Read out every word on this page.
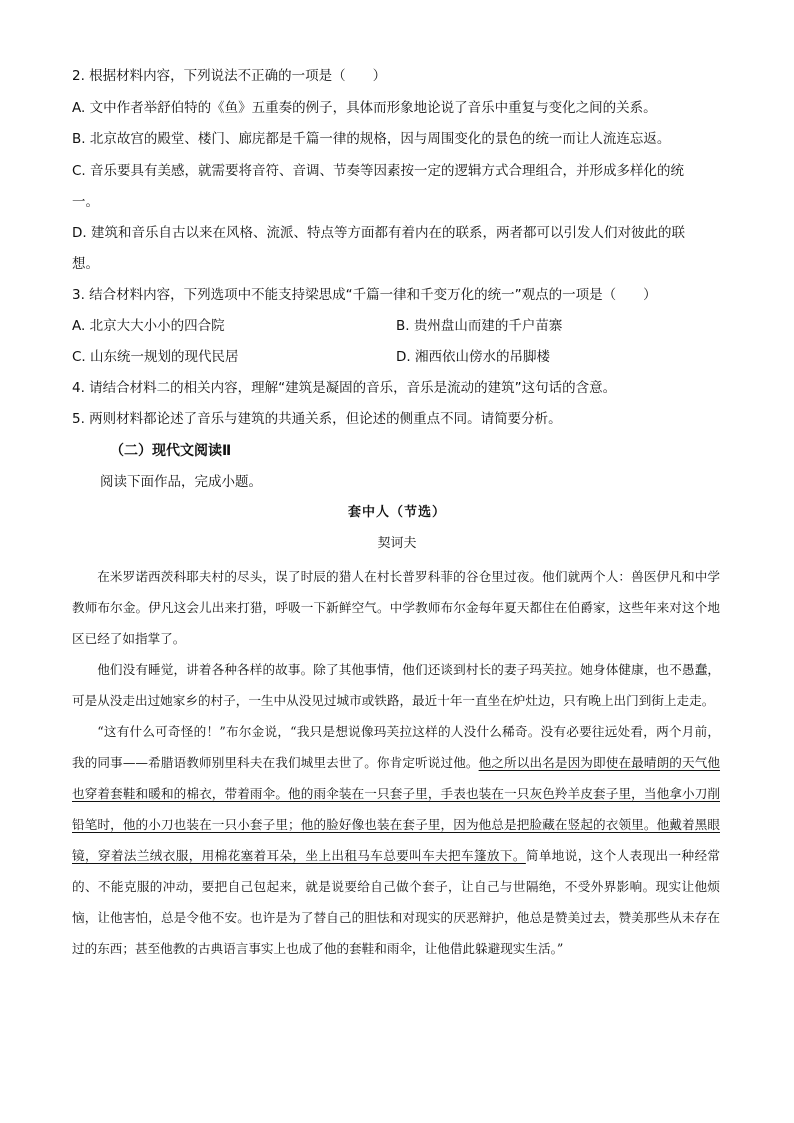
2. 根据材料内容，下列说法不正确的一项是（　　）
A. 文中作者举舒伯特的《鱼》五重奏的例子，具体而形象地论说了音乐中重复与变化之间的关系。
B. 北京故宫的殿堂、楼门、廊庑都是千篇一律的规格，因与周围变化的景色的统一而让人流连忘返。
C. 音乐要具有美感，就需要将音符、音调、节奏等因素按一定的逻辑方式合理组合，并形成多样化的统
一。
D. 建筑和音乐自古以来在风格、流派、特点等方面都有着内在的联系，两者都可以引发人们对彼此的联
想。
3. 结合材料内容，下列选项中不能支持梁思成“千篇一律和千变万化的统一”观点的一项是（　　）
A. 北京大大小小的四合院	B. 贵州盘山而建的千户苗寨
C. 山东统一规划的现代民居	D. 湘西依山傍水的吊脚楼
4. 请结合材料二的相关内容，理解“建筑是凝固的音乐，音乐是流动的建筑”这句话的含意。
5. 两则材料都论述了音乐与建筑的共通关系，但论述的侧重点不同。请简要分析。
（二）现代文阅读Ⅱ
阅读下面作品，完成小题。
套中人（节选）
契诃夫

在米罗诺西茨科耶夫村的尽头，误了时辰的猎人在村长普罗科菲的谷仓里过夜。他们就两个人：兽医伊凡和中学教师布尔金。伊凡这会儿出来打猎，呼吸一下新鲜空气。中学教师布尔金每年夏天都住在伯爵家，这些年来对这个地区已经了如指掌了。

他们没有睡觉，讲着各种各样的故事。除了其他事情，他们还谈到村长的妻子玛芙拉。她身体健康，也不愚蠢，可是从没走出过她家乡的村子，一生中从没见过城市或铁路，最近十年一直坐在炉灶边，只有晚上出门到街上走走。

“这有什么可奇怪的！”布尔金说，“我只是想说像玛芙拉这样的人没什么稀奇。没有必要往远处看，两个月前，我的同事——希腊语教师别里科夫在我们城里去世了。你肯定听说过他。他之所以出名是因为即使在最晴朗的天气他也穿着套鞋和暖和的棉衣，带着雨伞。他的雨伞装在一只套子里，手表也装在一只灰色羚羊皮套子里，当他拿小刀削铅笔时，他的小刀也装在一只小套子里；他的脸好像也装在套子里，因为他总是把脸藏在竖起的衣领里。他戴着黑眼镜，穿着法兰绒衣服，用棉花塞着耳朵，坐上出租马车总要叫车夫把车篷放下。简单地说，这个人表现出一种经常的、不能克服的冲动，要把自己包起来，就是说要给自己做个套子，让自己与世隔绝，不受外界影响。现实让他烦恼，让他害怕，总是令他不安。也许是为了替自己的胆怯和对现实的厌恶辩护，他总是赞美过去，赞美那些从未存在过的东西；甚至他教的古典语言事实上也成了他的套鞋和雨伞，让他借此躲避现实生活。”
